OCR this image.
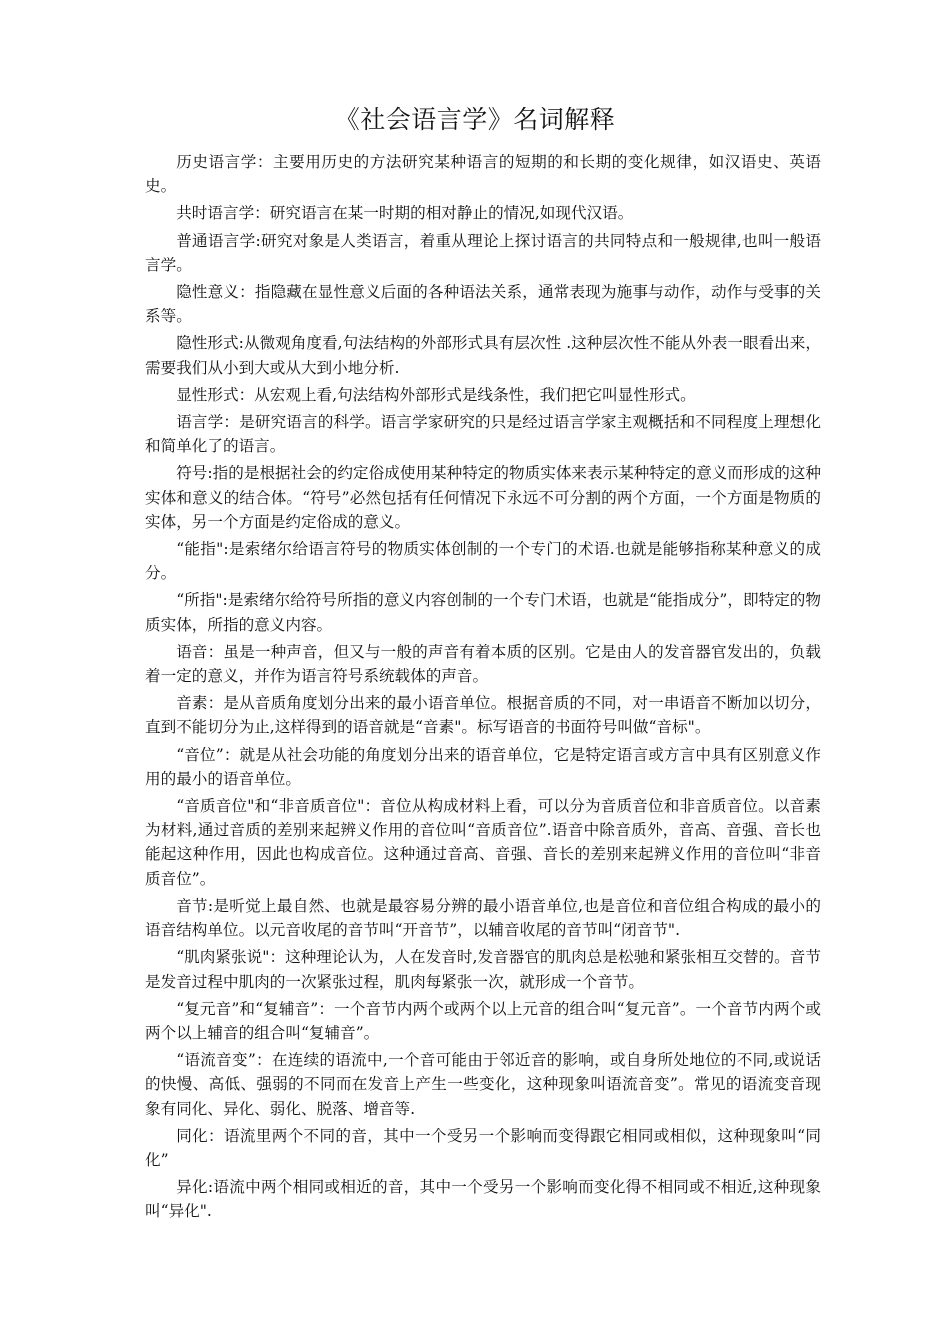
《社会语言学》名词解释

历史语言学：主要用历史的方法研究某种语言的短期的和长期的变化规律，如汉语史、英语史。

共时语言学：研究语言在某一时期的相对静止的情况,如现代汉语。

普通语言学:研究对象是人类语言，着重从理论上探讨语言的共同特点和一般规律,也叫一般语言学。

隐性意义：指隐藏在显性意义后面的各种语法关系，通常表现为施事与动作，动作与受事的关系等。

隐性形式:从微观角度看,句法结构的外部形式具有层次性 .这种层次性不能从外表一眼看出来，需要我们从小到大或从大到小地分析.

显性形式：从宏观上看,句法结构外部形式是线条性，我们把它叫显性形式。

语言学：是研究语言的科学。语言学家研究的只是经过语言学家主观概括和不同程度上理想化和简单化了的语言。

符号:指的是根据社会的约定俗成使用某种特定的物质实体来表示某种特定的意义而形成的这种实体和意义的结合体。“符号”必然包括有任何情况下永远不可分割的两个方面，一个方面是物质的实体，另一个方面是约定俗成的意义。

“能指":是索绪尔给语言符号的物质实体创制的一个专门的术语.也就是能够指称某种意义的成分。

“所指":是索绪尔给符号所指的意义内容创制的一个专门术语，也就是“能指成分”，即特定的物质实体，所指的意义内容。

语音：虽是一种声音，但又与一般的声音有着本质的区别。它是由人的发音器官发出的，负载着一定的意义，并作为语言符号系统载体的声音。

音素：是从音质角度划分出来的最小语音单位。根据音质的不同，对一串语音不断加以切分，直到不能切分为止,这样得到的语音就是“音素"。标写语音的书面符号叫做“音标"。

“音位”：就是从社会功能的角度划分出来的语音单位，它是特定语言或方言中具有区别意义作用的最小的语音单位。

“音质音位"和“非音质音位"：音位从构成材料上看，可以分为音质音位和非音质音位。以音素为材料,通过音质的差别来起辨义作用的音位叫“音质音位”.语音中除音质外，音高、音强、音长也能起这种作用，因此也构成音位。这种通过音高、音强、音长的差别来起辨义作用的音位叫“非音质音位”。

音节:是听觉上最自然、也就是最容易分辨的最小语音单位,也是音位和音位组合构成的最小的语音结构单位。以元音收尾的音节叫“开音节”，以辅音收尾的音节叫“闭音节".

“肌肉紧张说"：这种理论认为，人在发音时,发音器官的肌肉总是松驰和紧张相互交替的。音节是发音过程中肌肉的一次紧张过程，肌肉每紧张一次，就形成一个音节。

“复元音”和“复辅音”：一个音节内两个或两个以上元音的组合叫“复元音”。一个音节内两个或两个以上辅音的组合叫“复辅音”。

“语流音变”：在连续的语流中,一个音可能由于邻近音的影响，或自身所处地位的不同,或说话的快慢、高低、强弱的不同而在发音上产生一些变化，这种现象叫语流音变”。常见的语流变音现象有同化、异化、弱化、脱落、增音等.

同化：语流里两个不同的音，其中一个受另一个影响而变得跟它相同或相似，这种现象叫“同化”

异化:语流中两个相同或相近的音，其中一个受另一个影响而变化得不相同或不相近,这种现象叫“异化".
